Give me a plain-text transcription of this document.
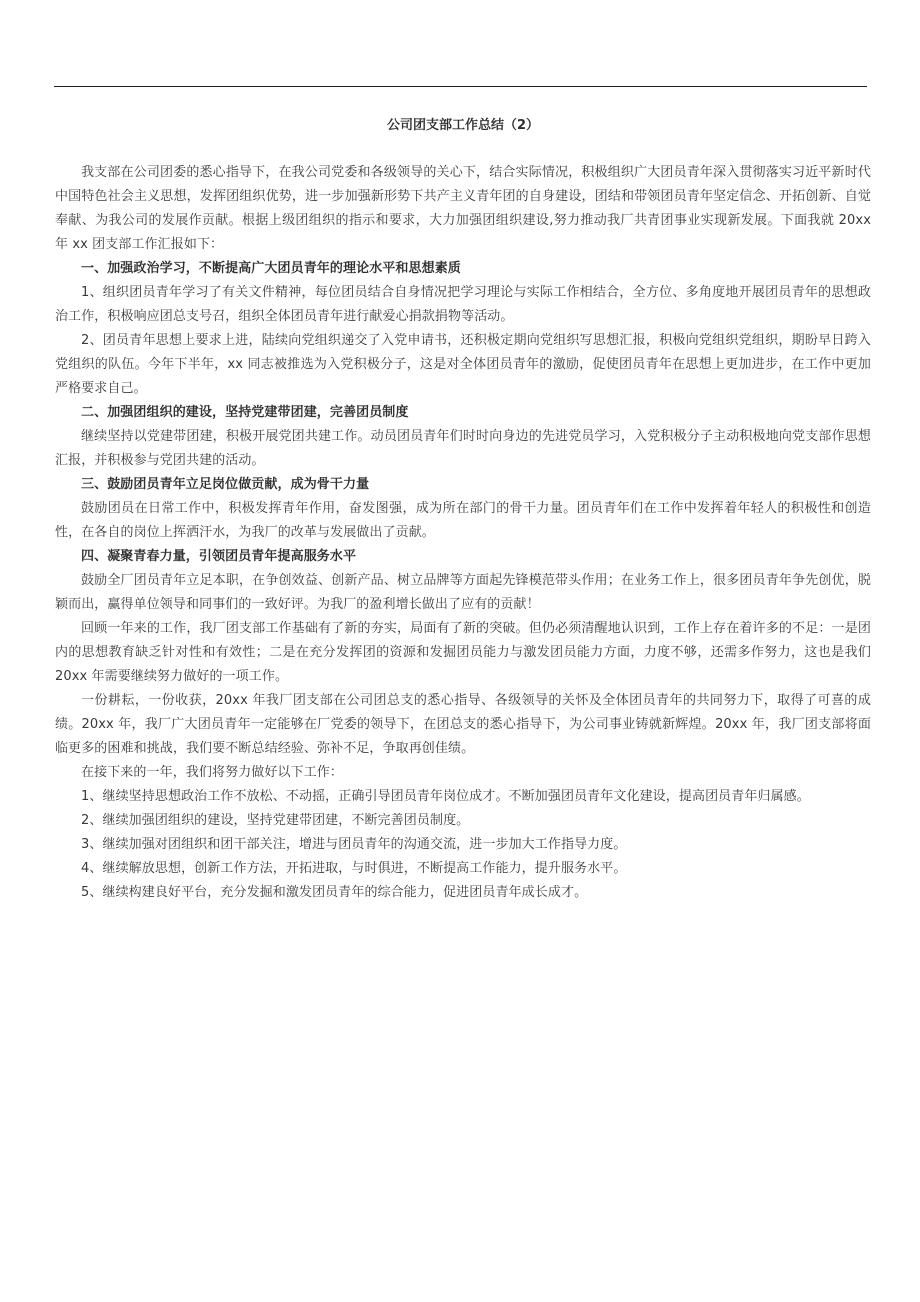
公司团支部工作总结（2）

我支部在公司团委的悉心指导下，在我公司党委和各级领导的关心下，结合实际情况，积极组织广大团员青年深入贯彻落实习近平新时代中国特色社会主义思想，发挥团组织优势，进一步加强新形势下共产主义青年团的自身建设，团结和带领团员青年坚定信念、开拓创新、自觉奉献、为我公司的发展作贡献。根据上级团组织的指示和要求，大力加强团组织建设,努力推动我厂共青团事业实现新发展。下面我就 20xx 年 xx 团支部工作汇报如下：

一、加强政治学习，不断提高广大团员青年的理论水平和思想素质

1、组织团员青年学习了有关文件精神，每位团员结合自身情况把学习理论与实际工作相结合，全方位、多角度地开展团员青年的思想政治工作，积极响应团总支号召，组织全体团员青年进行献爱心捐款捐物等活动。

2、团员青年思想上要求上进，陆续向党组织递交了入党申请书，还积极定期向党组织写思想汇报，积极向党组织党组织，期盼早日跨入党组织的队伍。今年下半年，xx 同志被推选为入党积极分子，这是对全体团员青年的激励，促使团员青年在思想上更加进步，在工作中更加严格要求自己。

二、加强团组织的建设，坚持党建带团建，完善团员制度

继续坚持以党建带团建，积极开展党团共建工作。动员团员青年们时时向身边的先进党员学习，入党积极分子主动积极地向党支部作思想汇报，并积极参与党团共建的活动。

三、鼓励团员青年立足岗位做贡献，成为骨干力量

鼓励团员在日常工作中，积极发挥青年作用，奋发图强，成为所在部门的骨干力量。团员青年们在工作中发挥着年轻人的积极性和创造性，在各自的岗位上挥洒汗水，为我厂的改革与发展做出了贡献。

四、凝聚青春力量，引领团员青年提高服务水平

鼓励全厂团员青年立足本职，在争创效益、创新产品、树立品牌等方面起先锋模范带头作用；在业务工作上，很多团员青年争先创优，脱颖而出，赢得单位领导和同事们的一致好评。为我厂的盈利增长做出了应有的贡献！

回顾一年来的工作，我厂团支部工作基础有了新的夯实，局面有了新的突破。但仍必须清醒地认识到，工作上存在着许多的不足：一是团内的思想教育缺乏针对性和有效性；二是在充分发挥团的资源和发掘团员能力与激发团员能力方面，力度不够，还需多作努力，这也是我们 20xx 年需要继续努力做好的一项工作。

一份耕耘，一份收获，20xx 年我厂团支部在公司团总支的悉心指导、各级领导的关怀及全体团员青年的共同努力下，取得了可喜的成绩。20xx 年，我厂广大团员青年一定能够在厂党委的领导下，在团总支的悉心指导下，为公司事业铸就新辉煌。20xx 年，我厂团支部将面临更多的困难和挑战，我们要不断总结经验、弥补不足，争取再创佳绩。

在接下来的一年，我们将努力做好以下工作：

1、继续坚持思想政治工作不放松、不动摇，正确引导团员青年岗位成才。不断加强团员青年文化建设，提高团员青年归属感。

2、继续加强团组织的建设，坚持党建带团建，不断完善团员制度。

3、继续加强对团组织和团干部关注，增进与团员青年的沟通交流，进一步加大工作指导力度。

4、继续解放思想，创新工作方法，开拓进取，与时俱进，不断提高工作能力，提升服务水平。

5、继续构建良好平台，充分发掘和激发团员青年的综合能力，促进团员青年成长成才。
